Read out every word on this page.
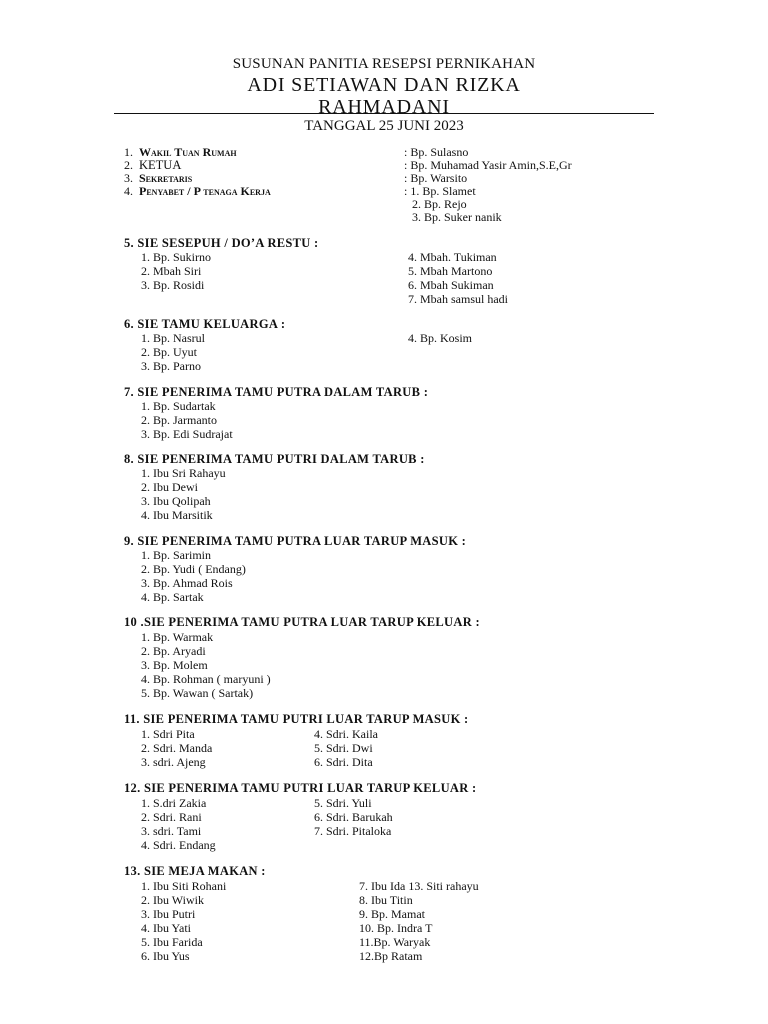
SUSUNAN PANITIA RESEPSI PERNIKAHAN
ADI SETIAWAN DAN RIZKA
RAHMADANI
TANGGAL 25 JUNI 2023
1. Wakil Tuan Rumah	: Bp. Sulasno
2. KETUA	: Bp. Muhamad Yasir Amin,S.E,Gr
3. Sekretaris	: Bp. Warsito
4. Penyabet / P tenaga Kerja	: 1. Bp. Slamet
2. Bp. Rejo
3. Bp. Suker nanik
5. SIE SESEPUH / DO’A RESTU :
1. Bp. Sukirno
2. Mbah Siri
3. Bp. Rosidi
4. Mbah. Tukiman
5. Mbah Martono
6. Mbah Sukiman
7. Mbah samsul hadi
6. SIE TAMU KELUARGA :
1. Bp. Nasrul
2. Bp. Uyut
3. Bp. Parno
4. Bp. Kosim
7. SIE PENERIMA TAMU PUTRA DALAM TARUB :
1. Bp. Sudartak
2. Bp. Jarmanto
3. Bp. Edi Sudrajat
8. SIE PENERIMA TAMU PUTRI DALAM TARUB :
1. Ibu Sri Rahayu
2. Ibu Dewi
3. Ibu Qolipah
4. Ibu Marsitik
9. SIE PENERIMA TAMU PUTRA LUAR TARUP MASUK :
1. Bp. Sarimin
2. Bp. Yudi ( Endang)
3. Bp. Ahmad Rois
4. Bp. Sartak
10 .SIE PENERIMA TAMU PUTRA LUAR TARUP KELUAR :
1. Bp. Warmak
2. Bp. Aryadi
3. Bp. Molem
4. Bp. Rohman ( maryuni )
5. Bp. Wawan ( Sartak)
11. SIE PENERIMA TAMU PUTRI LUAR TARUP MASUK :
1. Sdri Pita
2. Sdri. Manda
3. sdri. Ajeng
4. Sdri. Kaila
5. Sdri. Dwi
6. Sdri. Dita
12. SIE PENERIMA TAMU PUTRI LUAR TARUP KELUAR :
1. S.dri Zakia
2. Sdri. Rani
3. sdri. Tami
4. Sdri. Endang
5. Sdri. Yuli
6. Sdri. Barukah
7. Sdri. Pitaloka
13. SIE MEJA MAKAN :
1. Ibu Siti Rohani
2. Ibu Wiwik
3. Ibu Putri
4. Ibu Yati
5. Ibu Farida
6. Ibu Yus
7. Ibu Ida 13. Siti rahayu
8. Ibu Titin
9. Bp. Mamat
10. Bp. Indra T
11.Bp. Waryak
12.Bp Ratam
